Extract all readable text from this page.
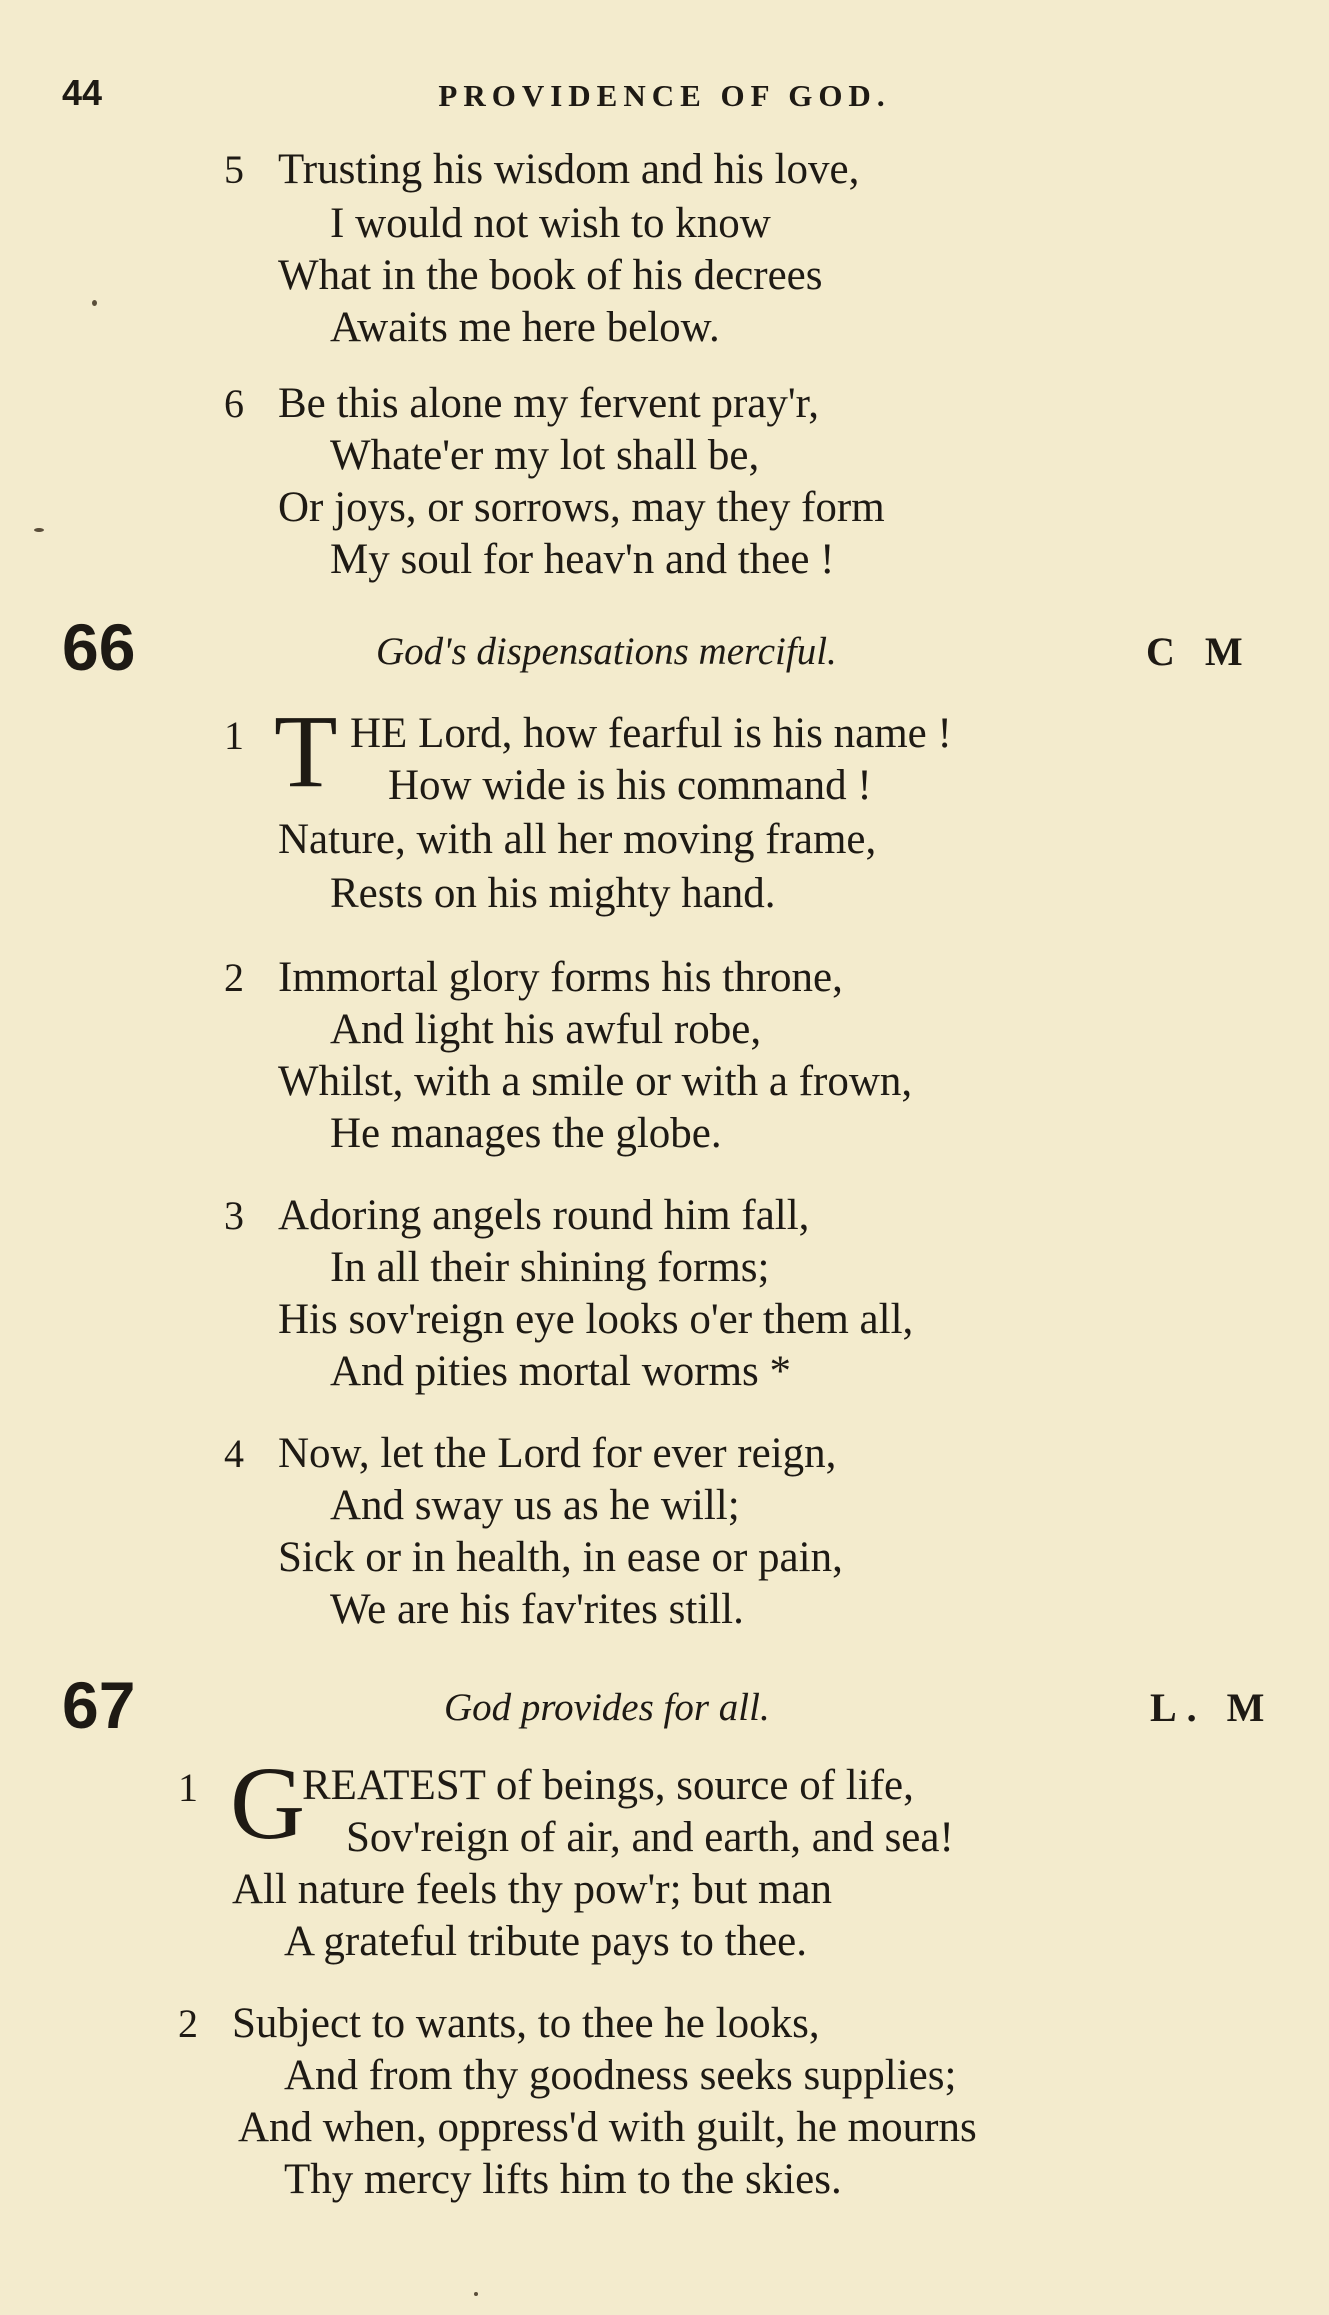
44	PROVIDENCE OF GOD.
5 Trusting his wisdom and his love,
I would not wish to know
What in the book of his decrees
Awaits me here below.
6 Be this alone my fervent pray'r,
Whate'er my lot shall be,
Or joys, or sorrows, may they form
My soul for heav'n and thee !
66	God's dispensations merciful.	C M
1 T HE Lord, how fearful is his name !
How wide is his command !
Nature, with all her moving frame,
Rests on his mighty hand.
2 Immortal glory forms his throne,
And light his awful robe,
Whilst, with a smile or with a frown,
He manages the globe.
3 Adoring angels round him fall,
In all their shining forms;
His sov'reign eye looks o'er them all,
And pities mortal worms *
4 Now, let the Lord for ever reign,
And sway us as he will;
Sick or in health, in ease or pain,
We are his fav'rites still.
67	God provides for all.	L. M
1 G
REATEST of beings, source of life,
Sov'reign of air, and earth, and sea!
All nature feels thy pow'r; but man
A grateful tribute pays to thee.
2 Subject to wants, to thee he looks,
And from thy goodness seeks supplies;
And when, oppress'd with guilt, he mourns
Thy mercy lifts him to the skies.
